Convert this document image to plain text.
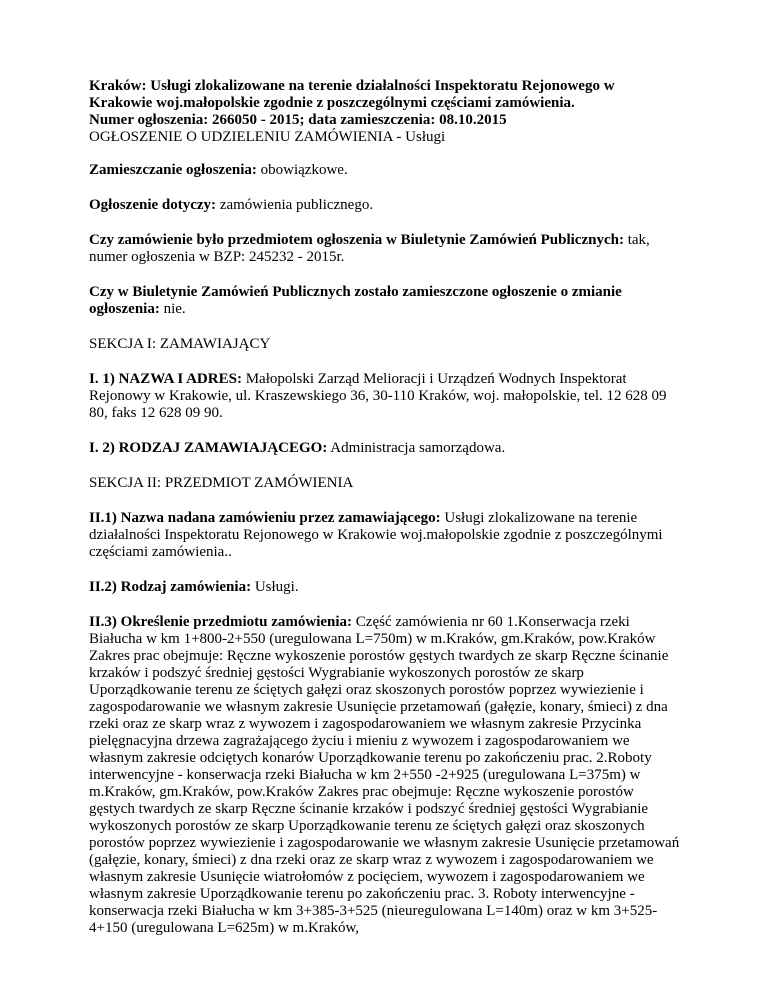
Kraków: Usługi zlokalizowane na terenie działalności Inspektoratu Rejonowego w
Krakowie woj.małopolskie zgodnie z poszczególnymi częściami zamówienia.
Numer ogłoszenia: 266050 - 2015; data zamieszczenia: 08.10.2015
OGŁOSZENIE O UDZIELENIU ZAMÓWIENIA - Usługi

Zamieszczanie ogłoszenia: obowiązkowe.

Ogłoszenie dotyczy: zamówienia publicznego.

Czy zamówienie było przedmiotem ogłoszenia w Biuletynie Zamówień Publicznych: tak, numer ogłoszenia w BZP: 245232 - 2015r.

Czy w Biuletynie Zamówień Publicznych zostało zamieszczone ogłoszenie o zmianie ogłoszenia: nie.

SEKCJA I: ZAMAWIAJĄCY

I. 1) NAZWA I ADRES: Małopolski Zarząd Melioracji i Urządzeń Wodnych Inspektorat Rejonowy w Krakowie, ul. Kraszewskiego 36, 30-110 Kraków, woj. małopolskie, tel. 12 628 09 80, faks 12 628 09 90.

I. 2) RODZAJ ZAMAWIAJĄCEGO: Administracja samorządowa.

SEKCJA II: PRZEDMIOT ZAMÓWIENIA

II.1) Nazwa nadana zamówieniu przez zamawiającego: Usługi zlokalizowane na terenie działalności Inspektoratu Rejonowego w Krakowie woj.małopolskie zgodnie z poszczególnymi częściami zamówienia..

II.2) Rodzaj zamówienia: Usługi.

II.3) Określenie przedmiotu zamówienia: Część zamówienia nr 60 1.Konserwacja rzeki Białucha w km 1+800-2+550 (uregulowana L=750m) w m.Kraków, gm.Kraków, pow.Kraków Zakres prac obejmuje: Ręczne wykoszenie porostów gęstych twardych ze skarp Ręczne ścinanie krzaków i podszyć średniej gęstości Wygrabianie wykoszonych porostów ze skarp Uporządkowanie terenu ze ściętych gałęzi oraz skoszonych porostów poprzez wywiezienie i zagospodarowanie we własnym zakresie Usunięcie przetamowań (gałęzie, konary, śmieci) z dna rzeki oraz ze skarp wraz z wywozem i zagospodarowaniem we własnym zakresie Przycinka pielęgnacyjna drzewa zagrażającego życiu i mieniu z wywozem i zagospodarowaniem we własnym zakresie odciętych konarów Uporządkowanie terenu po zakończeniu prac. 2.Roboty interwencyjne - konserwacja rzeki Białucha w km 2+550 -2+925 (uregulowana L=375m) w m.Kraków, gm.Kraków, pow.Kraków Zakres prac obejmuje: Ręczne wykoszenie porostów gęstych twardych ze skarp Ręczne ścinanie krzaków i podszyć średniej gęstości Wygrabianie wykoszonych porostów ze skarp Uporządkowanie terenu ze ściętych gałęzi oraz skoszonych porostów poprzez wywiezienie i zagospodarowanie we własnym zakresie Usunięcie przetamowań (gałęzie, konary, śmieci) z dna rzeki oraz ze skarp wraz z wywozem i zagospodarowaniem we własnym zakresie Usunięcie wiatrołomów z pocięciem, wywozem i zagospodarowaniem we własnym zakresie Uporządkowanie terenu po zakończeniu prac. 3. Roboty interwencyjne - konserwacja rzeki Białucha w km 3+385-3+525 (nieuregulowana L=140m) oraz w km 3+525-4+150 (uregulowana L=625m) w m.Kraków,
